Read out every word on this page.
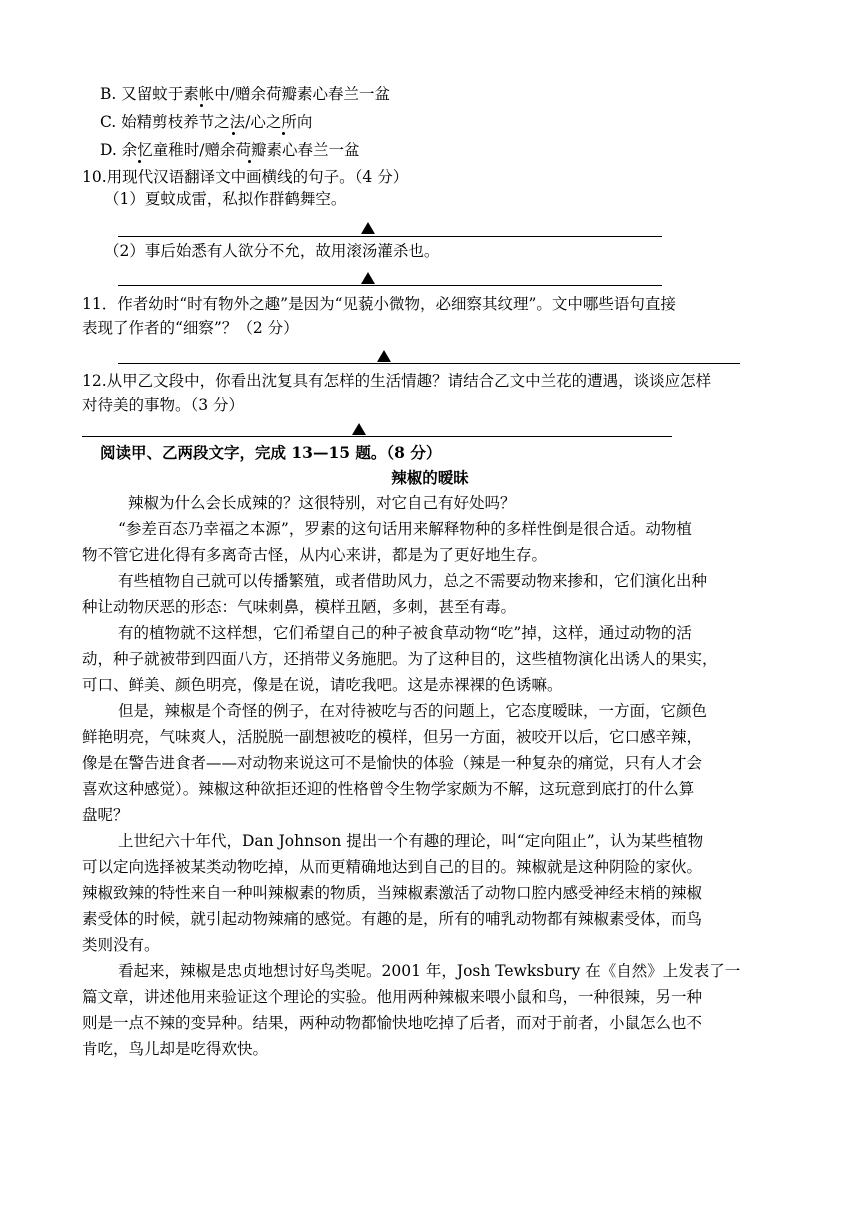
B. 又留蚊于素帐中/赠余荷瓣素心春兰一盆
C. 始精剪枝养节之法/心之所向
D. 余忆童稚时/赠余荷瓣素心春兰一盆
10.用现代汉语翻译文中画横线的句子。（4 分）
（1）夏蚊成雷，私拟作群鹤舞空。
（2）事后始悉有人欲分不允，故用滚汤灌杀也。
11．作者幼时“时有物外之趣”是因为“见藐小微物，必细察其纹理”。文中哪些语句直接
表现了作者的“细察”？（2 分）
12.从甲乙文段中，你看出沈复具有怎样的生活情趣？请结合乙文中兰花的遭遇，谈谈应怎样
对待美的事物。（3 分）
阅读甲、乙两段文字，完成 13—15 题。（8 分）
辣椒的暧昧
辣椒为什么会长成辣的？这很特别，对它自己有好处吗？
“参差百态乃幸福之本源”，罗素的这句话用来解释物种的多样性倒是很合适。动物植
物不管它进化得有多离奇古怪，从内心来讲，都是为了更好地生存。
有些植物自己就可以传播繁殖，或者借助风力，总之不需要动物来掺和，它们演化出种
种让动物厌恶的形态：气味刺鼻，模样丑陋，多刺，甚至有毒。
有的植物就不这样想，它们希望自己的种子被食草动物“吃”掉，这样，通过动物的活
动，种子就被带到四面八方，还捎带义务施肥。为了这种目的，这些植物演化出诱人的果实，
可口、鲜美、颜色明亮，像是在说，请吃我吧。这是赤裸裸的色诱嘛。
但是，辣椒是个奇怪的例子，在对待被吃与否的问题上，它态度暧昧，一方面，它颜色
鲜艳明亮，气味爽人，活脱脱一副想被吃的模样，但另一方面，被咬开以后，它口感辛辣，
像是在警告进食者——对动物来说这可不是愉快的体验（辣是一种复杂的痛觉，只有人才会
喜欢这种感觉）。辣椒这种欲拒还迎的性格曾令生物学家颇为不解，这玩意到底打的什么算
盘呢？
上世纪六十年代，Dan Johnson 提出一个有趣的理论，叫“定向阻止”，认为某些植物
可以定向选择被某类动物吃掉，从而更精确地达到自己的目的。辣椒就是这种阴险的家伙。
辣椒致辣的特性来自一种叫辣椒素的物质，当辣椒素激活了动物口腔内感受神经末梢的辣椒
素受体的时候，就引起动物辣痛的感觉。有趣的是，所有的哺乳动物都有辣椒素受体，而鸟
类则没有。
看起来，辣椒是忠贞地想讨好鸟类呢。2001 年，Josh Tewksbury 在《自然》上发表了一
篇文章，讲述他用来验证这个理论的实验。他用两种辣椒来喂小鼠和鸟，一种很辣，另一种
则是一点不辣的变异种。结果，两种动物都愉快地吃掉了后者，而对于前者，小鼠怎么也不
肯吃，鸟儿却是吃得欢快。
